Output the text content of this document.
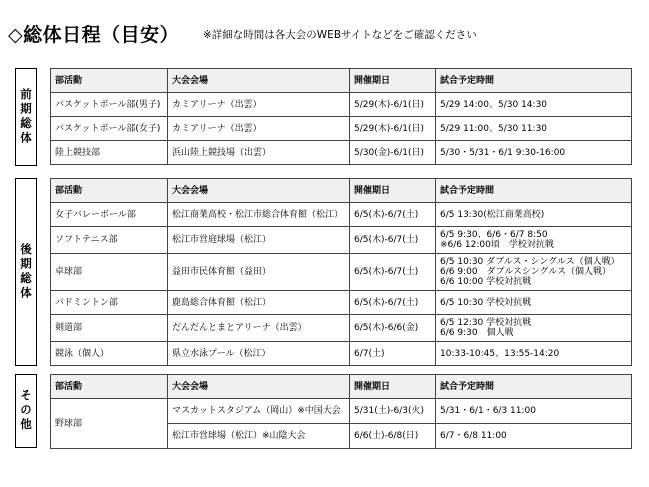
◇総体日程（目安） ※詳細な時間は各大会のWEBサイトなどをご確認ください
前期総体
部活動	大会会場	開催期日	試合予定時間
バスケットボール部(男子)	カミアリーナ（出雲）	5/29(木)-6/1(日)	5/29 14:00、5/30 14:30
バスケットボール部(女子)	カミアリーナ（出雲）	5/29(木)-6/1(日)	5/29 11:00、5/30 11:30
陸上競技部	浜山陸上競技場（出雲）	5/30(金)-6/1(日)	5/30・5/31・6/1 9:30-16:00
後期総体
部活動	大会会場	開催期日	試合予定時間
女子バレーボール部	松江商業高校・松江市総合体育館（松江）	6/5(木)-6/7(土)	6/5 13:30(松江商業高校)
ソフトテニス部	松江市営庭球場（松江）	6/5(木)-6/7(土)	6/5 9:30、6/6・6/7 8:50
※6/6 12:00頃　学校対抗戦

卓球部	益田市民体育館（益田）	6/5(木)-6/7(土)	6/5 10:30 ダブルス・シングルス（個人戦）
6/6 9:00　ダブルスシングルス（個人戦）
6/6 10:00 学校対抗戦

バドミントン部	鹿島総合体育館（松江）	6/5(木)-6/7(土)	6/5 10:30 学校対抗戦
剣道部	だんだんとまとアリーナ（出雲）	6/5(木)-6/6(金)	6/5 12:30 学校対抗戦
6/6 9:30　個人戦

競泳（個人）	県立水泳プール（松江）	6/7(土)	10:33-10:45、13:55-14:20
その他
部活動	大会会場	開催期日	試合予定時間
野球部	マスカットスタジアム（岡山）※中国大会	5/31(土)-6/3(火)	5/31・6/1・6/3 11:00
	松江市営球場（松江）※山陰大会	6/6(土)-6/8(日)	6/7・6/8 11:00
